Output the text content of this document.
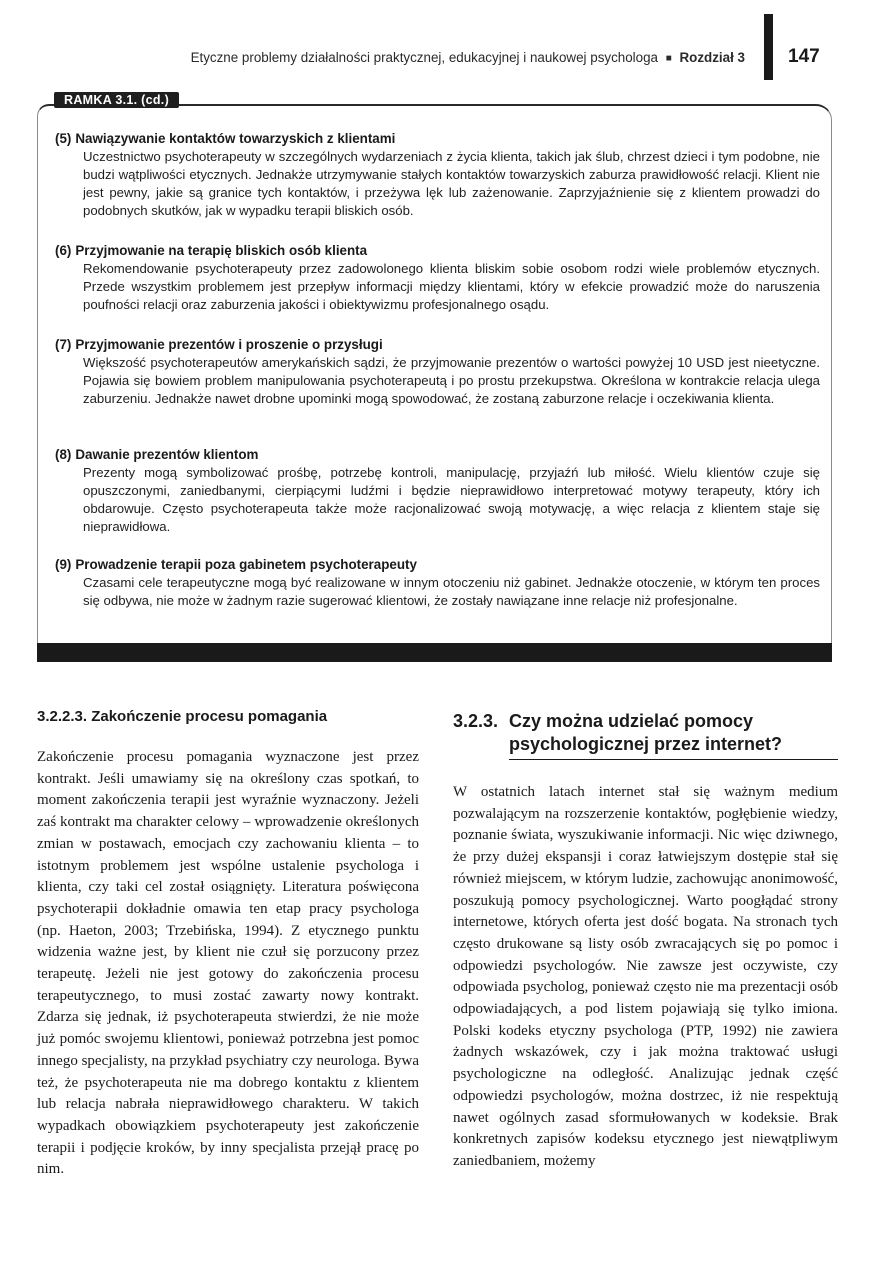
Etyczne problemy działalności praktycznej, edukacyjnej i naukowej psychologa ■ Rozdział 3 147
RAMKA 3.1. (cd.)

(5) Nawiązywanie kontaktów towarzyskich z klientami

Uczestnictwo psychoterapeuty w szczególnych wydarzeniach z życia klienta, takich jak ślub, chrzest dzieci i tym podobne, nie budzi wątpliwości etycznych. Jednakże utrzymywanie stałych kontaktów towarzyskich zaburza prawidłowość relacji. Klient nie jest pewny, jakie są granice tych kontaktów, i przeżywa lęk lub zażenowanie. Zaprzyjaźnienie się z klientem prowadzi do podobnych skutków, jak w wypadku terapii bliskich osób.

(6) Przyjmowanie na terapię bliskich osób klienta

Rekomendowanie psychoterapeuty przez zadowolonego klienta bliskim sobie osobom rodzi wiele problemów etycznych. Przede wszystkim problemem jest przepływ informacji między klientami, który w efekcie prowadzić może do naruszenia poufności relacji oraz zaburzenia jakości i obiektywizmu profesjonalnego osądu.

(7) Przyjmowanie prezentów i proszenie o przysługi

Większość psychoterapeutów amerykańskich sądzi, że przyjmowanie prezentów o wartości powyżej 10 USD jest nieetyczne. Pojawia się bowiem problem manipulowania psychoterapeutą i po prostu przekupstwa. Określona w kontrakcie relacja ulega zaburzeniu. Jednakże nawet drobne upominki mogą spowodować, że zostaną zaburzone relacje i oczekiwania klienta.

(8) Dawanie prezentów klientom

Prezenty mogą symbolizować prośbę, potrzebę kontroli, manipulację, przyjaźń lub miłość. Wielu klientów czuje się opuszczonymi, zaniedbanymi, cierpiącymi ludźmi i będzie nieprawidłowo interpretować motywy terapeuty, który ich obdarowuje. Często psychoterapeuta także może racjonalizować swoją motywację, a więc relacja z klientem staje się nieprawidłowa.

(9) Prowadzenie terapii poza gabinetem psychoterapeuty

Czasami cele terapeutyczne mogą być realizowane w innym otoczeniu niż gabinet. Jednakże otoczenie, w którym ten proces się odbywa, nie może w żadnym razie sugerować klientowi, że zostały nawiązane inne relacje niż profesjonalne.

3.2.2.3. Zakończenie procesu pomagania

Zakończenie procesu pomagania wyznaczone jest przez kontrakt. Jeśli umawiamy się na określony czas spotkań, to moment zakończenia terapii jest wyraźnie wyznaczony. Jeżeli zaś kontrakt ma charakter celowy – wprowadzenie określonych zmian w postawach, emocjach czy zachowaniu klienta – to istotnym problemem jest wspólne ustalenie psychologa i klienta, czy taki cel został osiągnięty. Literatura poświęcona psychoterapii dokładnie omawia ten etap pracy psychologa (np. Haeton, 2003; Trzebińska, 1994). Z etycznego punktu widzenia ważne jest, by klient nie czuł się porzucony przez terapeutę. Jeżeli nie jest gotowy do zakończenia procesu terapeutycznego, to musi zostać zawarty nowy kontrakt. Zdarza się jednak, iż psychoterapeuta stwierdzi, że nie może już pomóc swojemu klientowi, ponieważ potrzebna jest pomoc innego specjalisty, na przykład psychiatry czy neurologa. Bywa też, że psychoterapeuta nie ma dobrego kontaktu z klientem lub relacja nabrała nieprawidłowego charakteru. W takich wypadkach obowiązkiem psychoterapeuty jest zakończenie terapii i podjęcie kroków, by inny specjalista przejął pracę po nim.

3.2.3. Czy można udzielać pomocy
psychologicznej przez internet?

W ostatnich latach internet stał się ważnym medium pozwalającym na rozszerzenie kontaktów, pogłębienie wiedzy, poznanie świata, wyszukiwanie informacji. Nic więc dziwnego, że przy dużej ekspansji i coraz łatwiejszym dostępie stał się również miejscem, w którym ludzie, zachowując anonimowość, poszukują pomocy psychologicznej. Warto poogłądać strony internetowe, których oferta jest dość bogata. Na stronach tych często drukowane są listy osób zwracających się po pomoc i odpowiedzi psychologów. Nie zawsze jest oczywiste, czy odpowiada psycholog, ponieważ często nie ma prezentacji osób odpowiadających, a pod listem pojawiają się tylko imiona. Polski kodeks etyczny psychologa (PTP, 1992) nie zawiera żadnych wskazówek, czy i jak można traktować usługi psychologiczne na odległość. Analizując jednak część odpowiedzi psychologów, można dostrzec, iż nie respektują nawet ogólnych zasad sformułowanych w kodeksie. Brak konkretnych zapisów kodeksu etycznego jest niewątpliwym zaniedbaniem, możemy
